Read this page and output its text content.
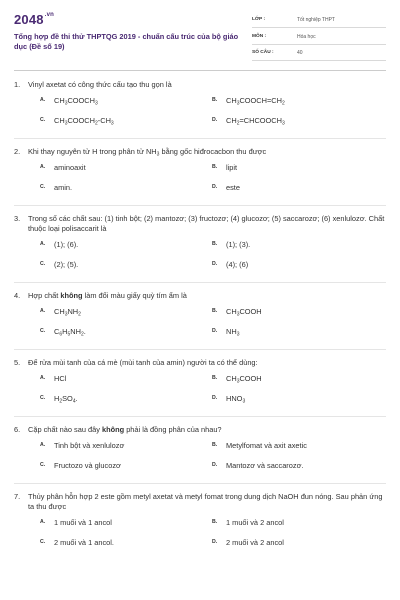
$2048^{.vn}$
Tổng hợp đề thi thử THPTQG 2019 - chuẩn cấu trúc của bộ giáo dục (Đề số 19)
LỚP :	Tốt nghiệp THPT
MÔN :	Hóa học
SỐ CÂU :	40
1. Vinyl axetat có công thức cấu tạo thu gọn là
A. $CH_3COOCH_3$
B. $CH_3COOCH=CH_2$
C. $CH_3COOCH_2-CH_3$
D. $CH_2=CHCOOCH_3$
2. Khi thay nguyên tử H trong phân tử $NH_3$ bằng gốc hiđrocacbon thu được
A. aminoaxit	B. lipit
C. amin.	D. este
3. Trong số các chất sau: (1) tinh bột; (2) mantozơ; (3) fructozơ; (4) glucozơ; (5) saccarozơ; (6) xenlulozơ. Chất thuộc loại polisaccarit là
A. (1); (6).	B. (1); (3).
C. (2); (5).	D. (4); (6)
4. Hợp chất không làm đổi màu giấy quỳ tím ẩm là
A. $CH_3NH_2$
B. $CH_3COOH$
C. $C_6H_5NH_2$.	D. $NH_3$
5. Để rửa mùi tanh của cá mè (mùi tanh của amin) người ta có thể dùng:
A. HCl	B. $CH_3COOH$
C. $H_2SO_4$.	D. $HNO_3$
6. Cặp chất nào sau đây không phải là đồng phân của nhau?
A. Tinh bột và xenlulozơ	B. Metylfomat và axit axetic
C. Fructozo và glucozơ	D. Mantozơ và saccarozơ.
7. Thủy phân hỗn hợp 2 este gồm metyl axetat và metyl fomat trong dung dịch NaOH đun nóng. Sau phản ứng ta thu được
A. 1 muối và 1 ancol	B. 1 muối và 2 ancol
C. 2 muối và 1 ancol.	D. 2 muối và 2 ancol
